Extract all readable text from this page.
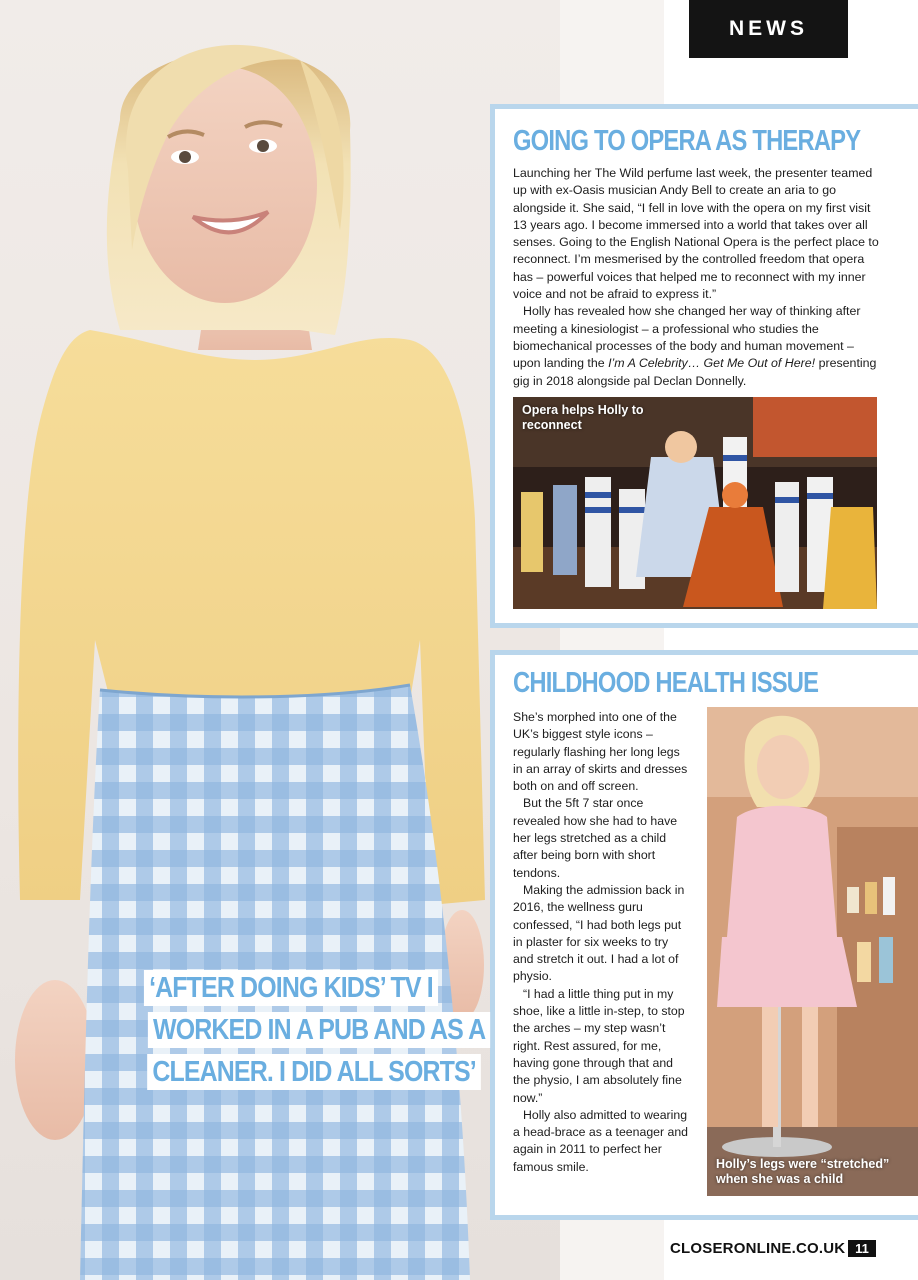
NEWS
GOING TO OPERA AS THERAPY

Launching her The Wild perfume last week, the presenter teamed up with ex-Oasis musician Andy Bell to create an aria to go alongside it. She said, “I fell in love with the opera on my first visit 13 years ago. I become immersed into a world that takes over all senses. Going to the English National Opera is the perfect place to reconnect. I’m mesmerised by the controlled freedom that opera has – powerful voices that helped me to reconnect with my inner voice and not be afraid to express it.”

Holly has revealed how she changed her way of thinking after meeting a kinesiologist – a professional who studies the biomechanical processes of the body and human movement – upon landing the I’m A Celebrity… Get Me Out of Here! presenting gig in 2018 alongside pal Declan Donnelly.

Opera helps Holly to reconnect
CHILDHOOD HEALTH ISSUE

She’s morphed into one of the UK’s biggest style icons – regularly flashing her long legs in an array of skirts and dresses both on and off screen.

But the 5ft 7 star once revealed how she had to have her legs stretched as a child after being born with short tendons.

Making the admission back in 2016, the wellness guru confessed, “I had both legs put in plaster for six weeks to try and stretch it out. I had a lot of physio.

“I had a little thing put in my shoe, like a little in-step, to stop the arches – my step wasn’t right. Rest assured, for me, having gone through that and the physio, I am absolutely fine now.”

Holly also admitted to wearing a head-brace as a teenager and again in 2011 to perfect her famous smile.	Holly’s legs were “stretched” when she was a child
‘AFTER DOING KIDS’ TV I
WORKED IN A PUB AND AS A
CLEANER. I DID ALL SORTS’
CLOSERONLINE.CO.UK 11
